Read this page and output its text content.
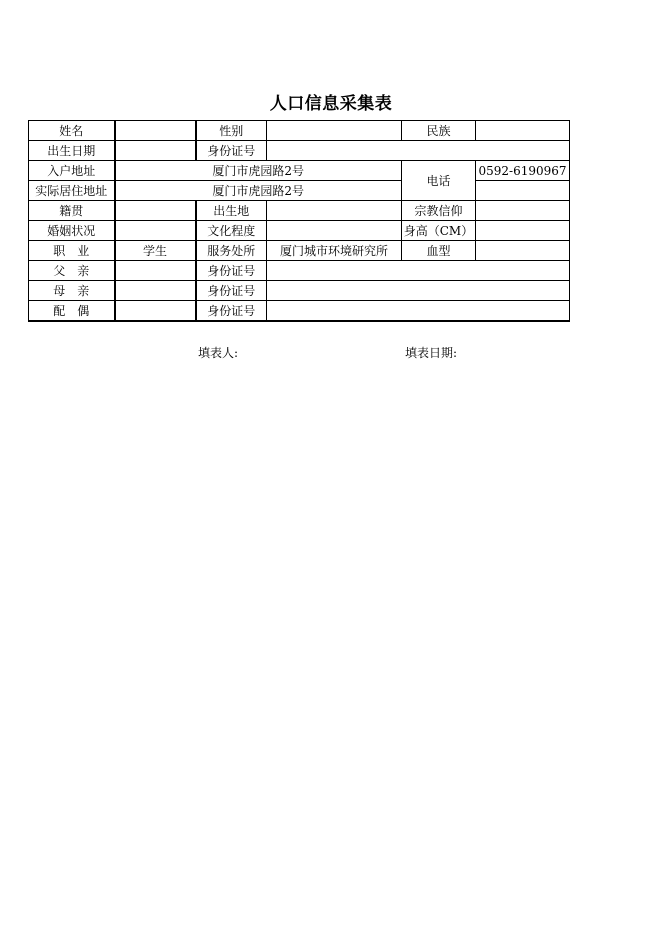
人口信息采集表
姓名		性别		民族	
出生日期		身份证号			
入户地址	厦门市虎园路2号			电话	0592-6190967
实际居住地址	厦门市虎园路2号				
籍贯		出生地		宗教信仰	
婚姻状况		文化程度		身高（CM）	
职　业	学生	服务处所	厦门城市环境研究所	血型	
父　亲		身份证号			
母　亲		身份证号			
配　偶		身份证号			
填表人:	填表日期:
